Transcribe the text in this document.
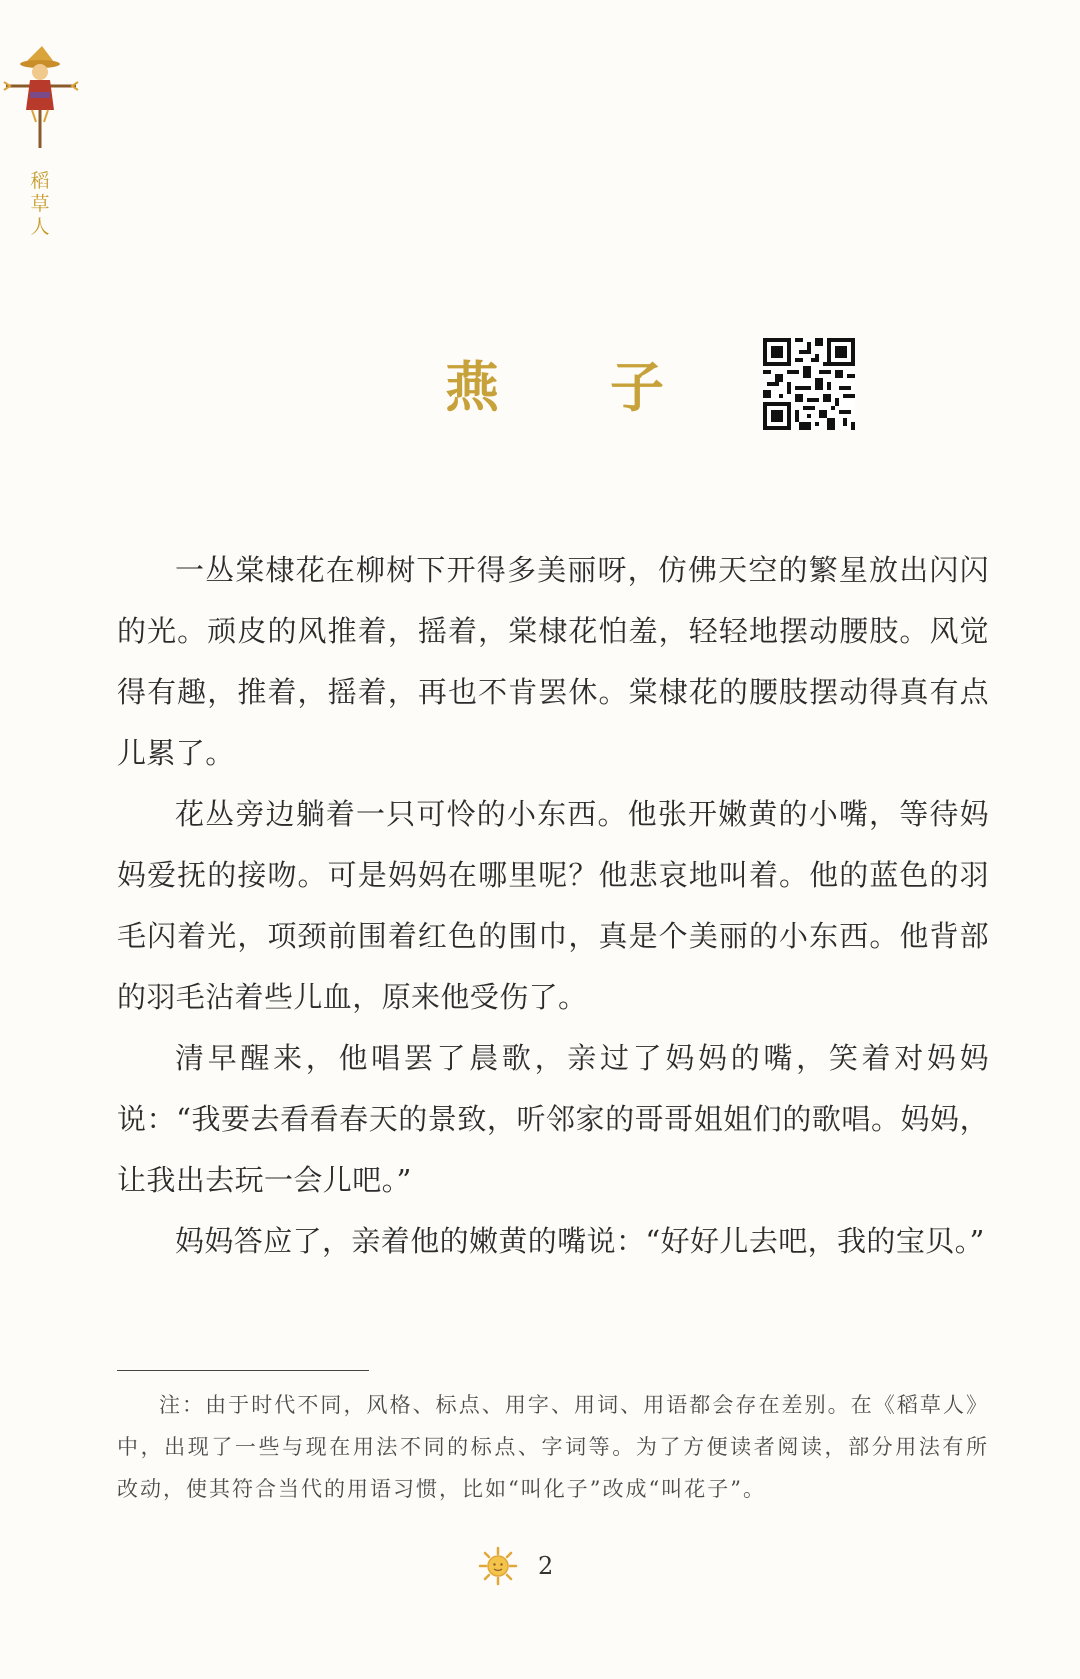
稻草人
燕 子

一丛棠棣花在柳树下开得多美丽呀，仿佛天空的繁星放出闪闪的光。顽皮的风推着，摇着，棠棣花怕羞，轻轻地摆动腰肢。风觉得有趣，推着，摇着，再也不肯罢休。棠棣花的腰肢摆动得真有点儿累了。

花丛旁边躺着一只可怜的小东西。他张开嫩黄的小嘴，等待妈妈爱抚的接吻。可是妈妈在哪里呢？他悲哀地叫着。他的蓝色的羽毛闪着光，项颈前围着红色的围巾，真是个美丽的小东西。他背部的羽毛沾着些儿血，原来他受伤了。

清早醒来，他唱罢了晨歌，亲过了妈妈的嘴，笑着对妈妈说：“我要去看看春天的景致，听邻家的哥哥姐姐们的歌唱。妈妈，让我出去玩一会儿吧。”

妈妈答应了，亲着他的嫩黄的嘴说：“好好儿去吧，我的宝贝。”

注：由于时代不同，风格、标点、用字、用词、用语都会存在差别。在《稻草人》中，出现了一些与现在用法不同的标点、字词等。为了方便读者阅读，部分用法有所改动，使其符合当代的用语习惯，比如“叫化子”改成“叫花子”。

2
